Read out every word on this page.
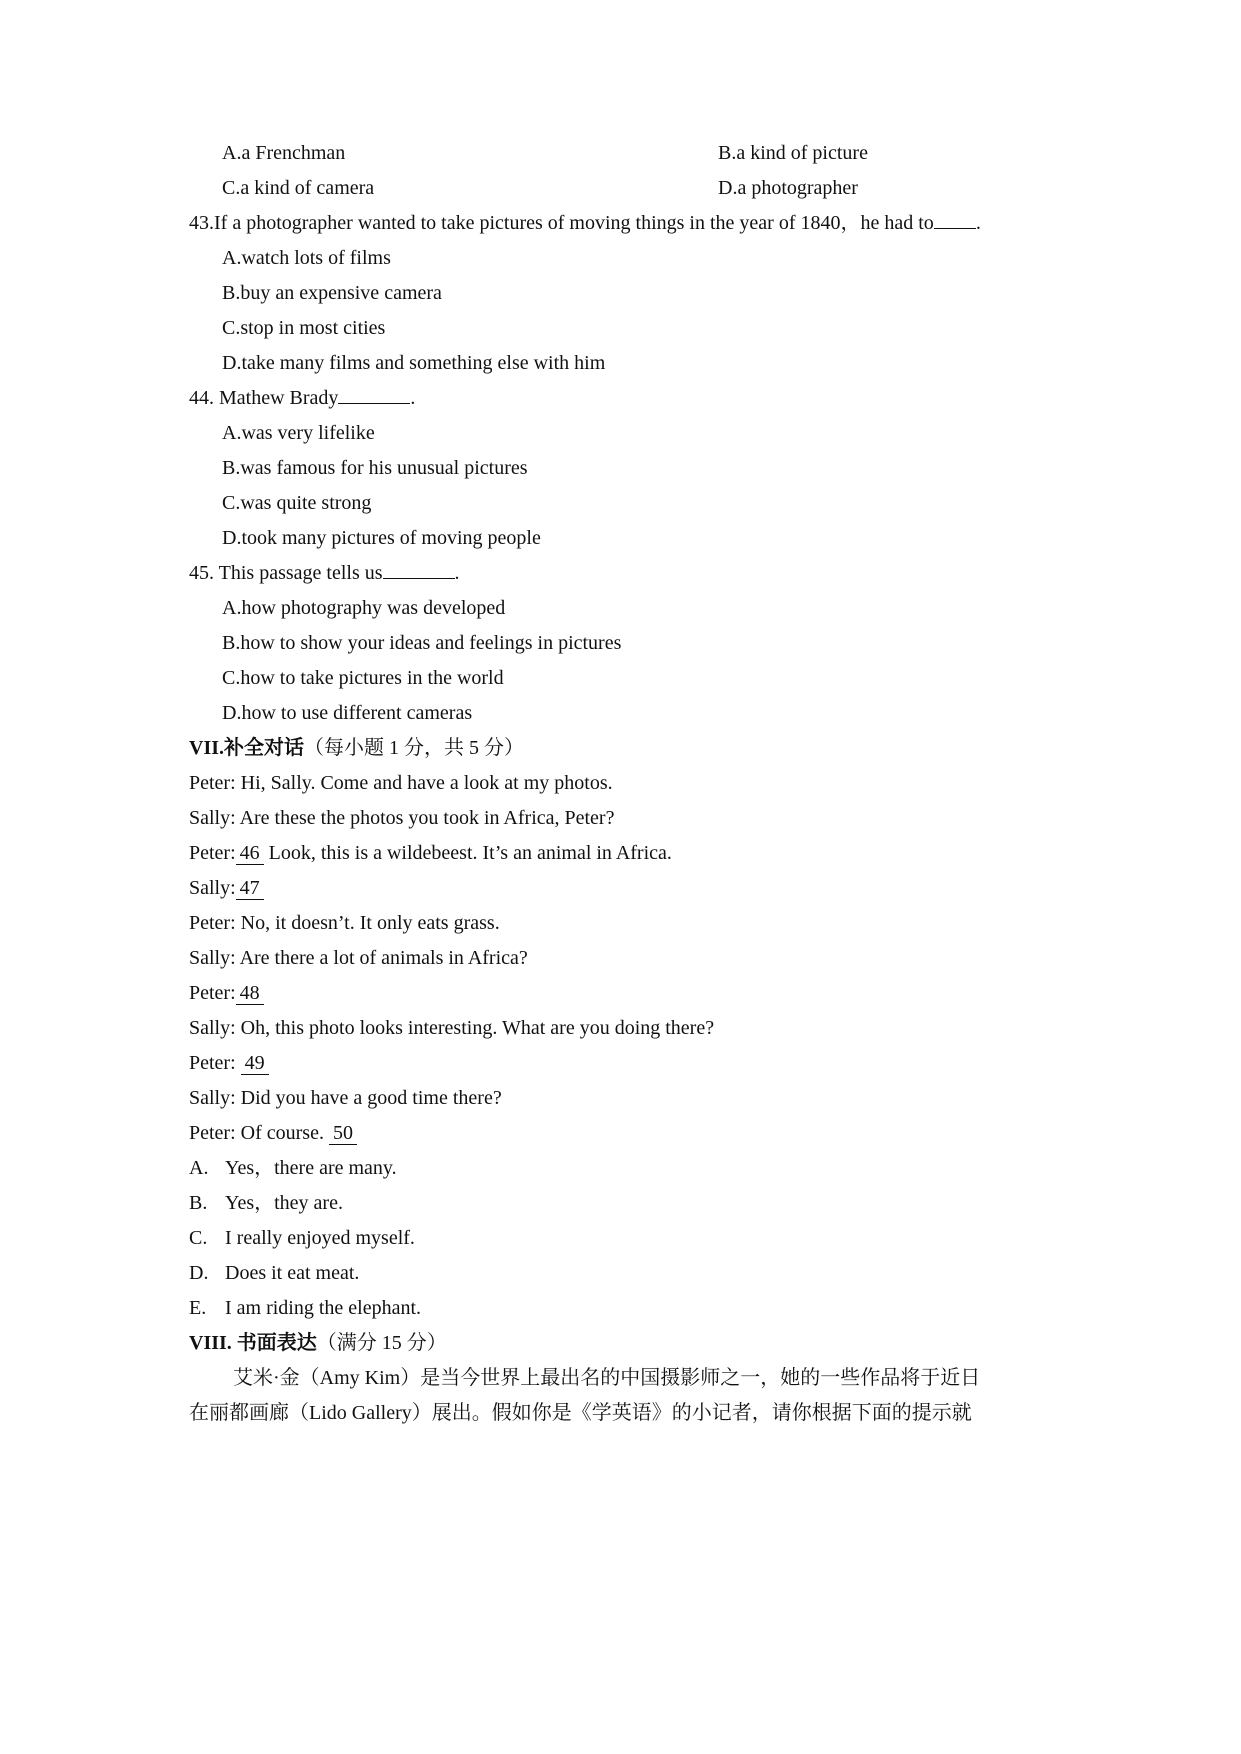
A.a Frenchman	B.a kind of picture
C.a kind of camera	D.a photographer
43.If a photographer wanted to take pictures of moving things in the year of 1840，he had to .
A.watch lots of films
B.buy an expensive camera
C.stop in most cities
D.take many films and something else with him
44. Mathew Brady	.
A.was very lifelike
B.was famous for his unusual pictures
C.was quite strong
D.took many pictures of moving people
45. This passage tells us	.
A.how photography was developed
B.how to show your ideas and feelings in pictures
C.how to take pictures in the world
D.how to use different cameras
VII.补全对话（每小题 1 分，共 5 分）
Peter: Hi, Sally. Come and have a look at my photos.
Sally: Are these the photos you took in Africa, Peter?
Peter: 46 Look, this is a wildebeest. It’s an animal in Africa.
Sally: 47
Peter: No, it doesn’t. It only eats grass.
Sally: Are there a lot of animals in Africa?
Peter: 48
Sally: Oh, this photo looks interesting. What are you doing there?
Peter: 49
Sally: Did you have a good time there?
Peter: Of course. 50
A. Yes，there are many.
B. Yes，they are.
C. I really enjoyed myself.
D. Does it eat meat.
E. I am riding the elephant.
VIII. 书面表达（满分 15 分）
艾米·金（Amy Kim）是当今世界上最出名的中国摄影师之一，她的一些作品将于近日
在丽都画廊（Lido Gallery）展出。假如你是《学英语》的小记者，请你根据下面的提示就
